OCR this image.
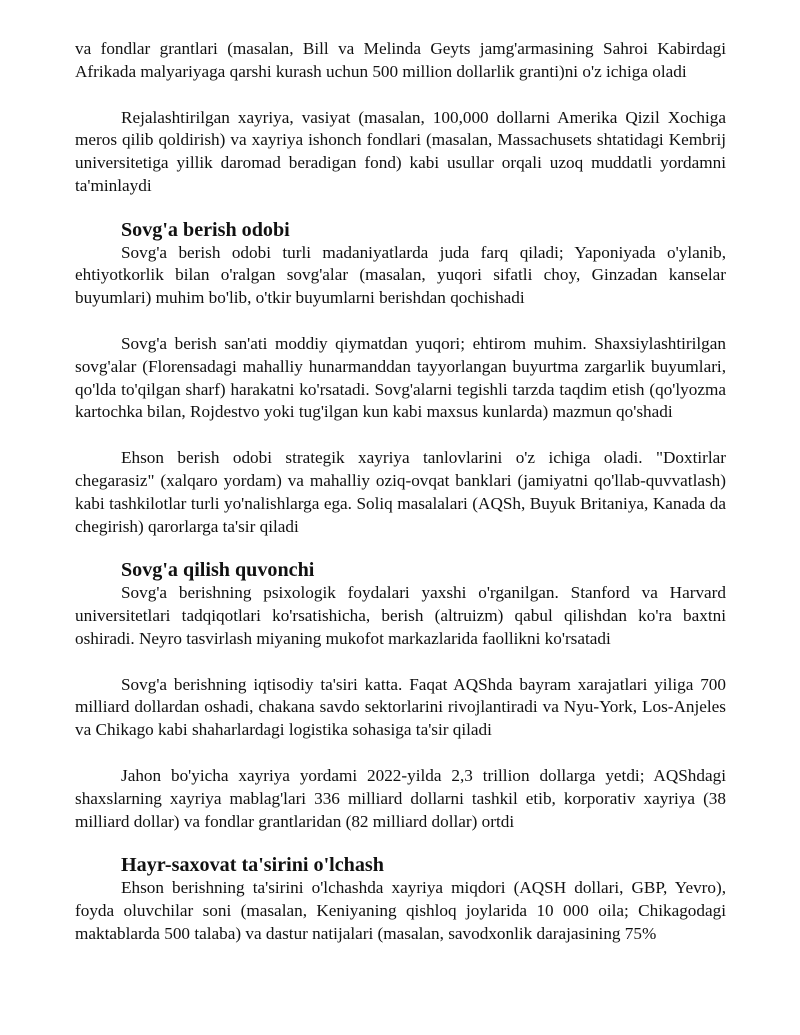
va fondlar grantlari (masalan, Bill va Melinda Geyts jamg'armasining Sahroi Kabirdagi Afrikada malyariyaga qarshi kurash uchun 500 million dollarlik granti)ni o'z ichiga oladi

Rejalashtirilgan xayriya, vasiyat (masalan, 100,000 dollarni Amerika Qizil Xochiga meros qilib qoldirish) va xayriya ishonch fondlari (masalan, Massachusets shtatidagi Kembrij universitetiga yillik daromad beradigan fond) kabi usullar orqali uzoq muddatli yordamni ta'minlaydi

Sovg'a berish odobi

Sovg'a berish odobi turli madaniyatlarda juda farq qiladi; Yaponiyada o'ylanib, ehtiyotkorlik bilan o'ralgan sovg'alar (masalan, yuqori sifatli choy, Ginzadan kanselar buyumlari) muhim bo'lib, o'tkir buyumlarni berishdan qochishadi

Sovg'a berish san'ati moddiy qiymatdan yuqori; ehtirom muhim. Shaxsiylashtirilgan sovg'alar (Florensadagi mahalliy hunarmanddan tayyorlangan buyurtma zargarlik buyumlari, qo'lda to'qilgan sharf) harakatni ko'rsatadi. Sovg'alarni tegishli tarzda taqdim etish (qo'lyozma kartochka bilan, Rojdestvo yoki tug'ilgan kun kabi maxsus kunlarda) mazmun qo'shadi

Ehson berish odobi strategik xayriya tanlovlarini o'z ichiga oladi. "Doxtirlar chegarasiz" (xalqaro yordam) va mahalliy oziq-ovqat banklari (jamiyatni qo'llab-quvvatlash) kabi tashkilotlar turli yo'nalishlarga ega. Soliq masalalari (AQSh, Buyuk Britaniya, Kanada da chegirish) qarorlarga ta'sir qiladi

Sovg'a qilish quvonchi

Sovg'a berishning psixologik foydalari yaxshi o'rganilgan. Stanford va Harvard universitetlari tadqiqotlari ko'rsatishicha, berish (altruizm) qabul qilishdan ko'ra baxtni oshiradi. Neyro tasvirlash miyaning mukofot markazlarida faollikni ko'rsatadi

Sovg'a berishning iqtisodiy ta'siri katta. Faqat AQShda bayram xarajatlari yiliga 700 milliard dollardan oshadi, chakana savdo sektorlarini rivojlantiradi va Nyu-York, Los-Anjeles va Chikago kabi shaharlardagi logistika sohasiga ta'sir qiladi

Jahon bo'yicha xayriya yordami 2022-yilda 2,3 trillion dollarga yetdi; AQShdagi shaxslarning xayriya mablag'lari 336 milliard dollarni tashkil etib, korporativ xayriya (38 milliard dollar) va fondlar grantlaridan (82 milliard dollar) ortdi

Hayr-saxovat ta'sirini o'lchash

Ehson berishning ta'sirini o'lchashda xayriya miqdori (AQSH dollari, GBP, Yevro), foyda oluvchilar soni (masalan, Keniyaning qishloq joylarida 10 000 oila; Chikagodagi maktablarda 500 talaba) va dastur natijalari (masalan, savodxonlik darajasining 75%
